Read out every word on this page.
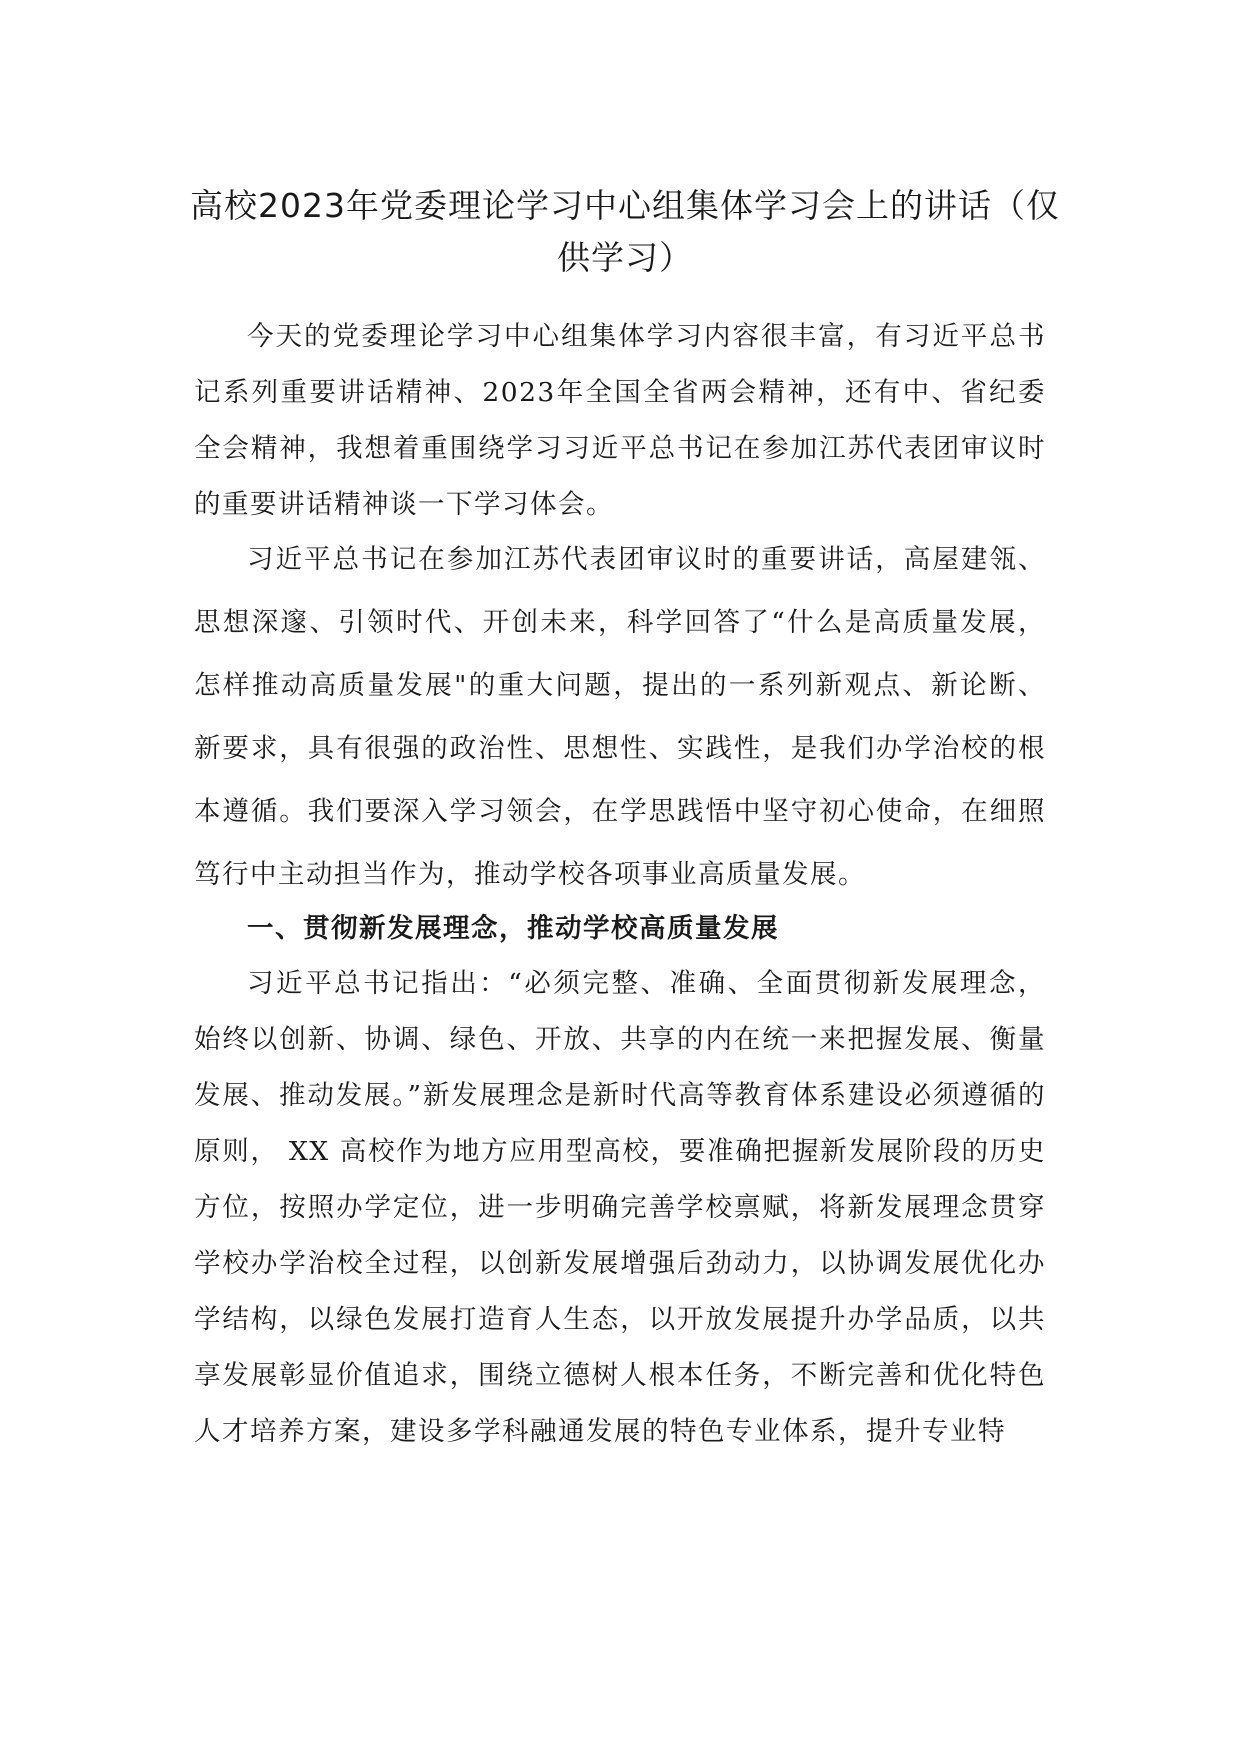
高校2023年党委理论学习中心组集体学习会上的讲话（仅供学习）

今天的党委理论学习中心组集体学习内容很丰富，有习近平总书记系列重要讲话精神、2023年全国全省两会精神，还有中、省纪委全会精神，我想着重围绕学习习近平总书记在参加江苏代表团审议时的重要讲话精神谈一下学习体会。

习近平总书记在参加江苏代表团审议时的重要讲话，高屋建瓴、思想深邃、引领时代、开创未来，科学回答了“什么是高质量发展，怎样推动高质量发展"的重大问题，提出的一系列新观点、新论断、新要求，具有很强的政治性、思想性、实践性，是我们办学治校的根本遵循。我们要深入学习领会，在学思践悟中坚守初心使命，在细照笃行中主动担当作为，推动学校各项事业高质量发展。

一、贯彻新发展理念，推动学校高质量发展

习近平总书记指出：“必须完整、准确、全面贯彻新发展理念，始终以创新、协调、绿色、开放、共享的内在统一来把握发展、衡量发展、推动发展。”新发展理念是新时代高等教育体系建设必须遵循的原则， XX 高校作为地方应用型高校，要准确把握新发展阶段的历史方位，按照办学定位，进一步明确完善学校禀赋，将新发展理念贯穿学校办学治校全过程，以创新发展增强后劲动力，以协调发展优化办学结构，以绿色发展打造育人生态，以开放发展提升办学品质，以共享发展彰显价值追求，围绕立德树人根本任务，不断完善和优化特色人才培养方案，建设多学科融通发展的特色专业体系，提升专业特
